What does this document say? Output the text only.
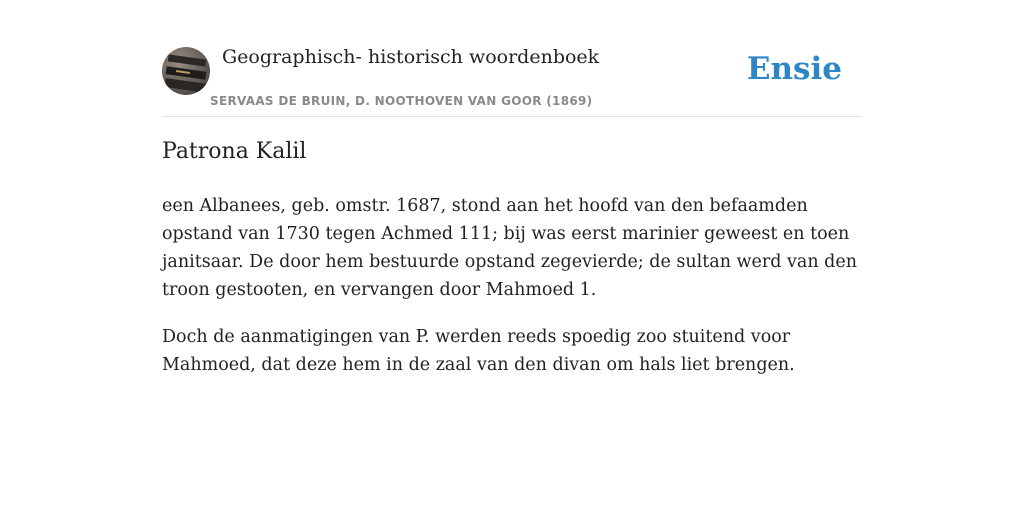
Geographisch- historisch woordenboek
SERVAAS DE BRUIN, D. NOOTHOVEN VAN GOOR (1869)
Ensie
Patrona Kalil

een Albanees, geb. omstr. 1687, stond aan het hoofd van den befaamden opstand van 1730 tegen Achmed 111; bij was eerst marinier geweest en toen janitsaar. De door hem bestuurde opstand zegevierde; de sultan werd van den troon gestooten, en vervangen door Mahmoed 1.

Doch de aanmatigingen van P. werden reeds spoedig zoo stuitend voor Mahmoed, dat deze hem in de zaal van den divan om hals liet brengen.
